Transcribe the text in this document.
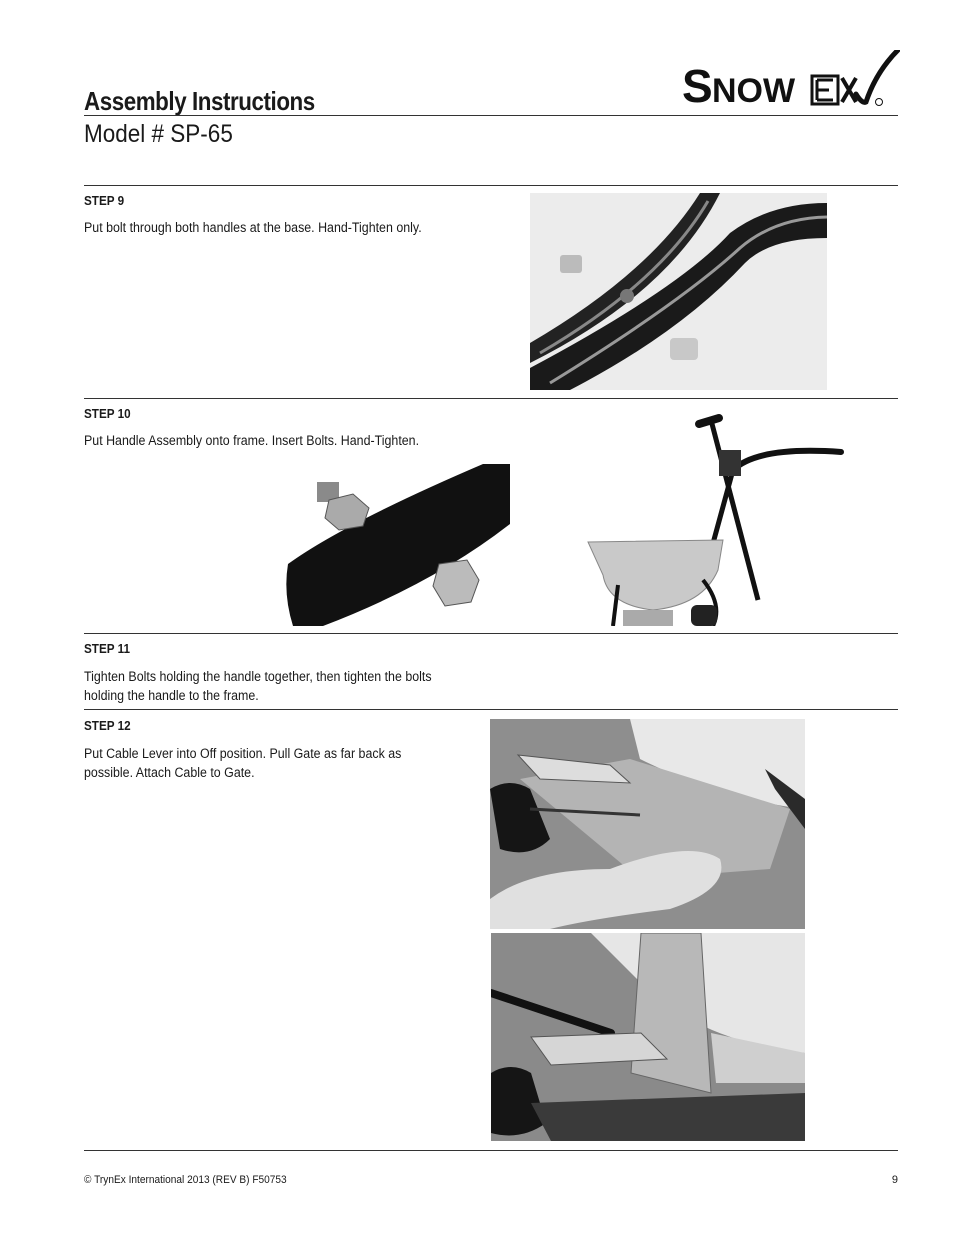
S NOW
Assembly Instructions
Model # SP-65
STEP 9
Put bolt through both handles at the base. Hand-Tighten only.
STEP 10
Put Handle Assembly onto frame. Insert Bolts. Hand-Tighten.
STEP 11
Tighten Bolts holding the handle together, then tighten the bolts holding the handle to the frame.
STEP 12
Put Cable Lever into Off position. Pull Gate as far back as possible. Attach Cable to Gate.
© TrynEx International 2013 (REV B) F50753	9
